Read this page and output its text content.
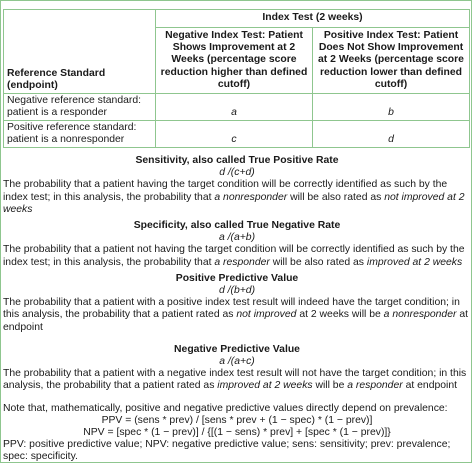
Reference Standard (endpoint)	Index Test (2 weeks)	
	Negative Index Test: Patient Shows Improvement at 2 Weeks (percentage score reduction higher than defined cutoff)	Positive Index Test: Patient Does Not Show Improvement at 2 Weeks (percentage score reduction lower than defined cutoff)
Negative reference standard: patient is a responder	a	b
Positive reference standard: patient is a nonresponder	c	d
Sensitivity, also called True Positive Rate
d /(c+d)
The probability that a patient having the target condition will be correctly identified as such by the index test; in this analysis, the probability that a nonresponder will be also rated as not improved at 2 weeks
Specificity, also called True Negative Rate
a /(a+b)
The probability that a patient not having the target condition will be correctly identified as such by the index test; in this analysis, the probability that a responder will be also rated as improved at 2 weeks
Positive Predictive Value
d /(b+d)
The probability that a patient with a positive index test result will indeed have the target condition; in this analysis, the probability that a patient rated as not improved at 2 weeks will be a nonresponder at endpoint
Negative Predictive Value
a /(a+c)
The probability that a patient with a negative index test result will not have the target condition; in this analysis, the probability that a patient rated as improved at 2 weeks will be a responder at endpoint
Note that, mathematically, positive and negative predictive values directly depend on prevalence:
PPV = (sens * prev) / [sens * prev + (1 − spec) * (1 − prev)]
NPV = [spec * (1 − prev)] / {[(1 − sens) * prev] + [spec * (1 − prev)]}
PPV: positive predictive value; NPV: negative predictive value; sens: sensitivity; prev: prevalence; spec: specificity.
